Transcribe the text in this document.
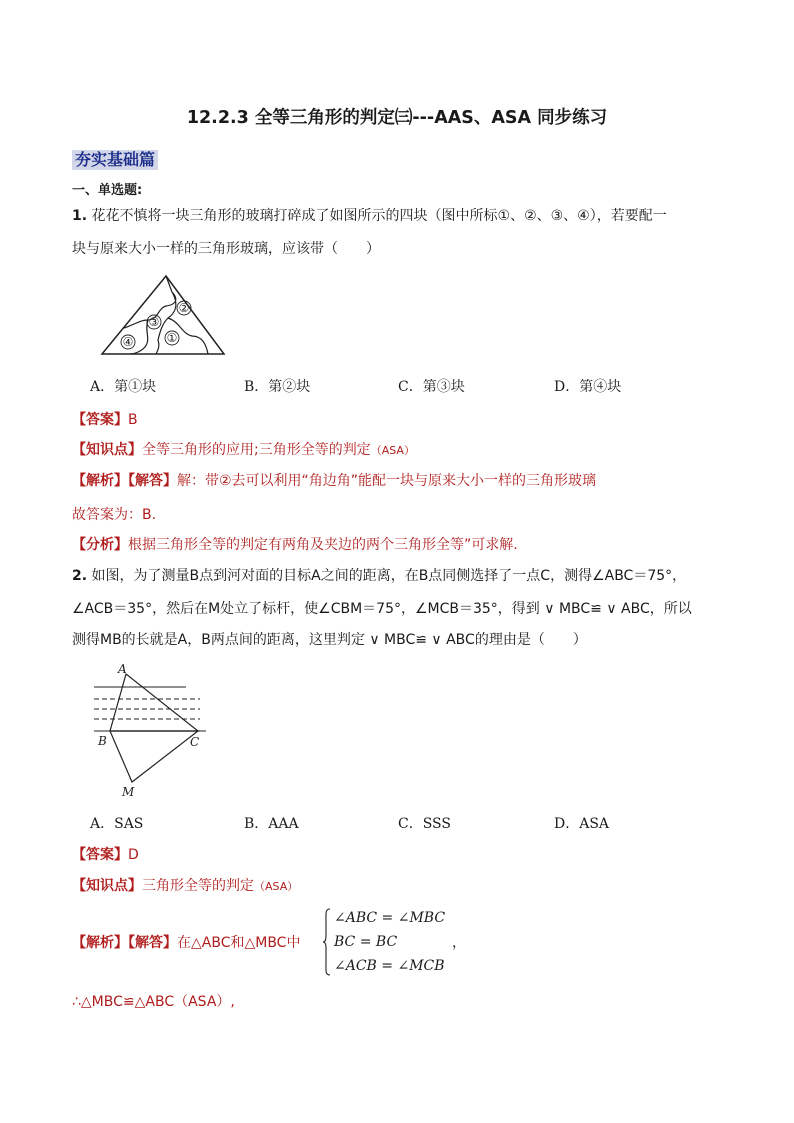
12.2.3 全等三角形的判定㈢---AAS、ASA 同步练习
夯实基础篇
一、单选题:
1. 花花不慎将一块三角形的玻璃打碎成了如图所示的四块（图中所标①、②、③、④），若要配一
块与原来大小一样的三角形玻璃，应该带（　　）
②
③
①
④
A．第①块	B．第②块	C．第③块	D．第④块
【答案】B
【知识点】全等三角形的应用;三角形全等的判定（ASA）
【解析】【解答】解：带②去可以利用“角边角”能配一块与原来大小一样的三角形玻璃
故答案为：B.
【分析】根据三角形全等的判定有两角及夹边的两个三角形全等”可求解.
2. 如图，为了测量B点到河对面的目标A之间的距离，在B点同侧选择了一点C，测得∠ABC＝75°，
∠ACB＝35°，然后在M处立了标杆，使∠CBM＝75°，∠MCB＝35°，得到 ∨ MBC≌ ∨ ABC，所以
测得MB的长就是A，B两点间的距离，这里判定 ∨ MBC≌ ∨ ABC的理由是（　　）
A
B	C
M
A．SAS	B．AAA	C．SSS	D．ASA
【答案】D
【知识点】三角形全等的判定（ASA）
【解析】【解答】在△ABC和△MBC中
∠ABC = ∠MBC
BC = BC
∠ACB = ∠MCB
，
∴△MBC≌△ABC（ASA）,
